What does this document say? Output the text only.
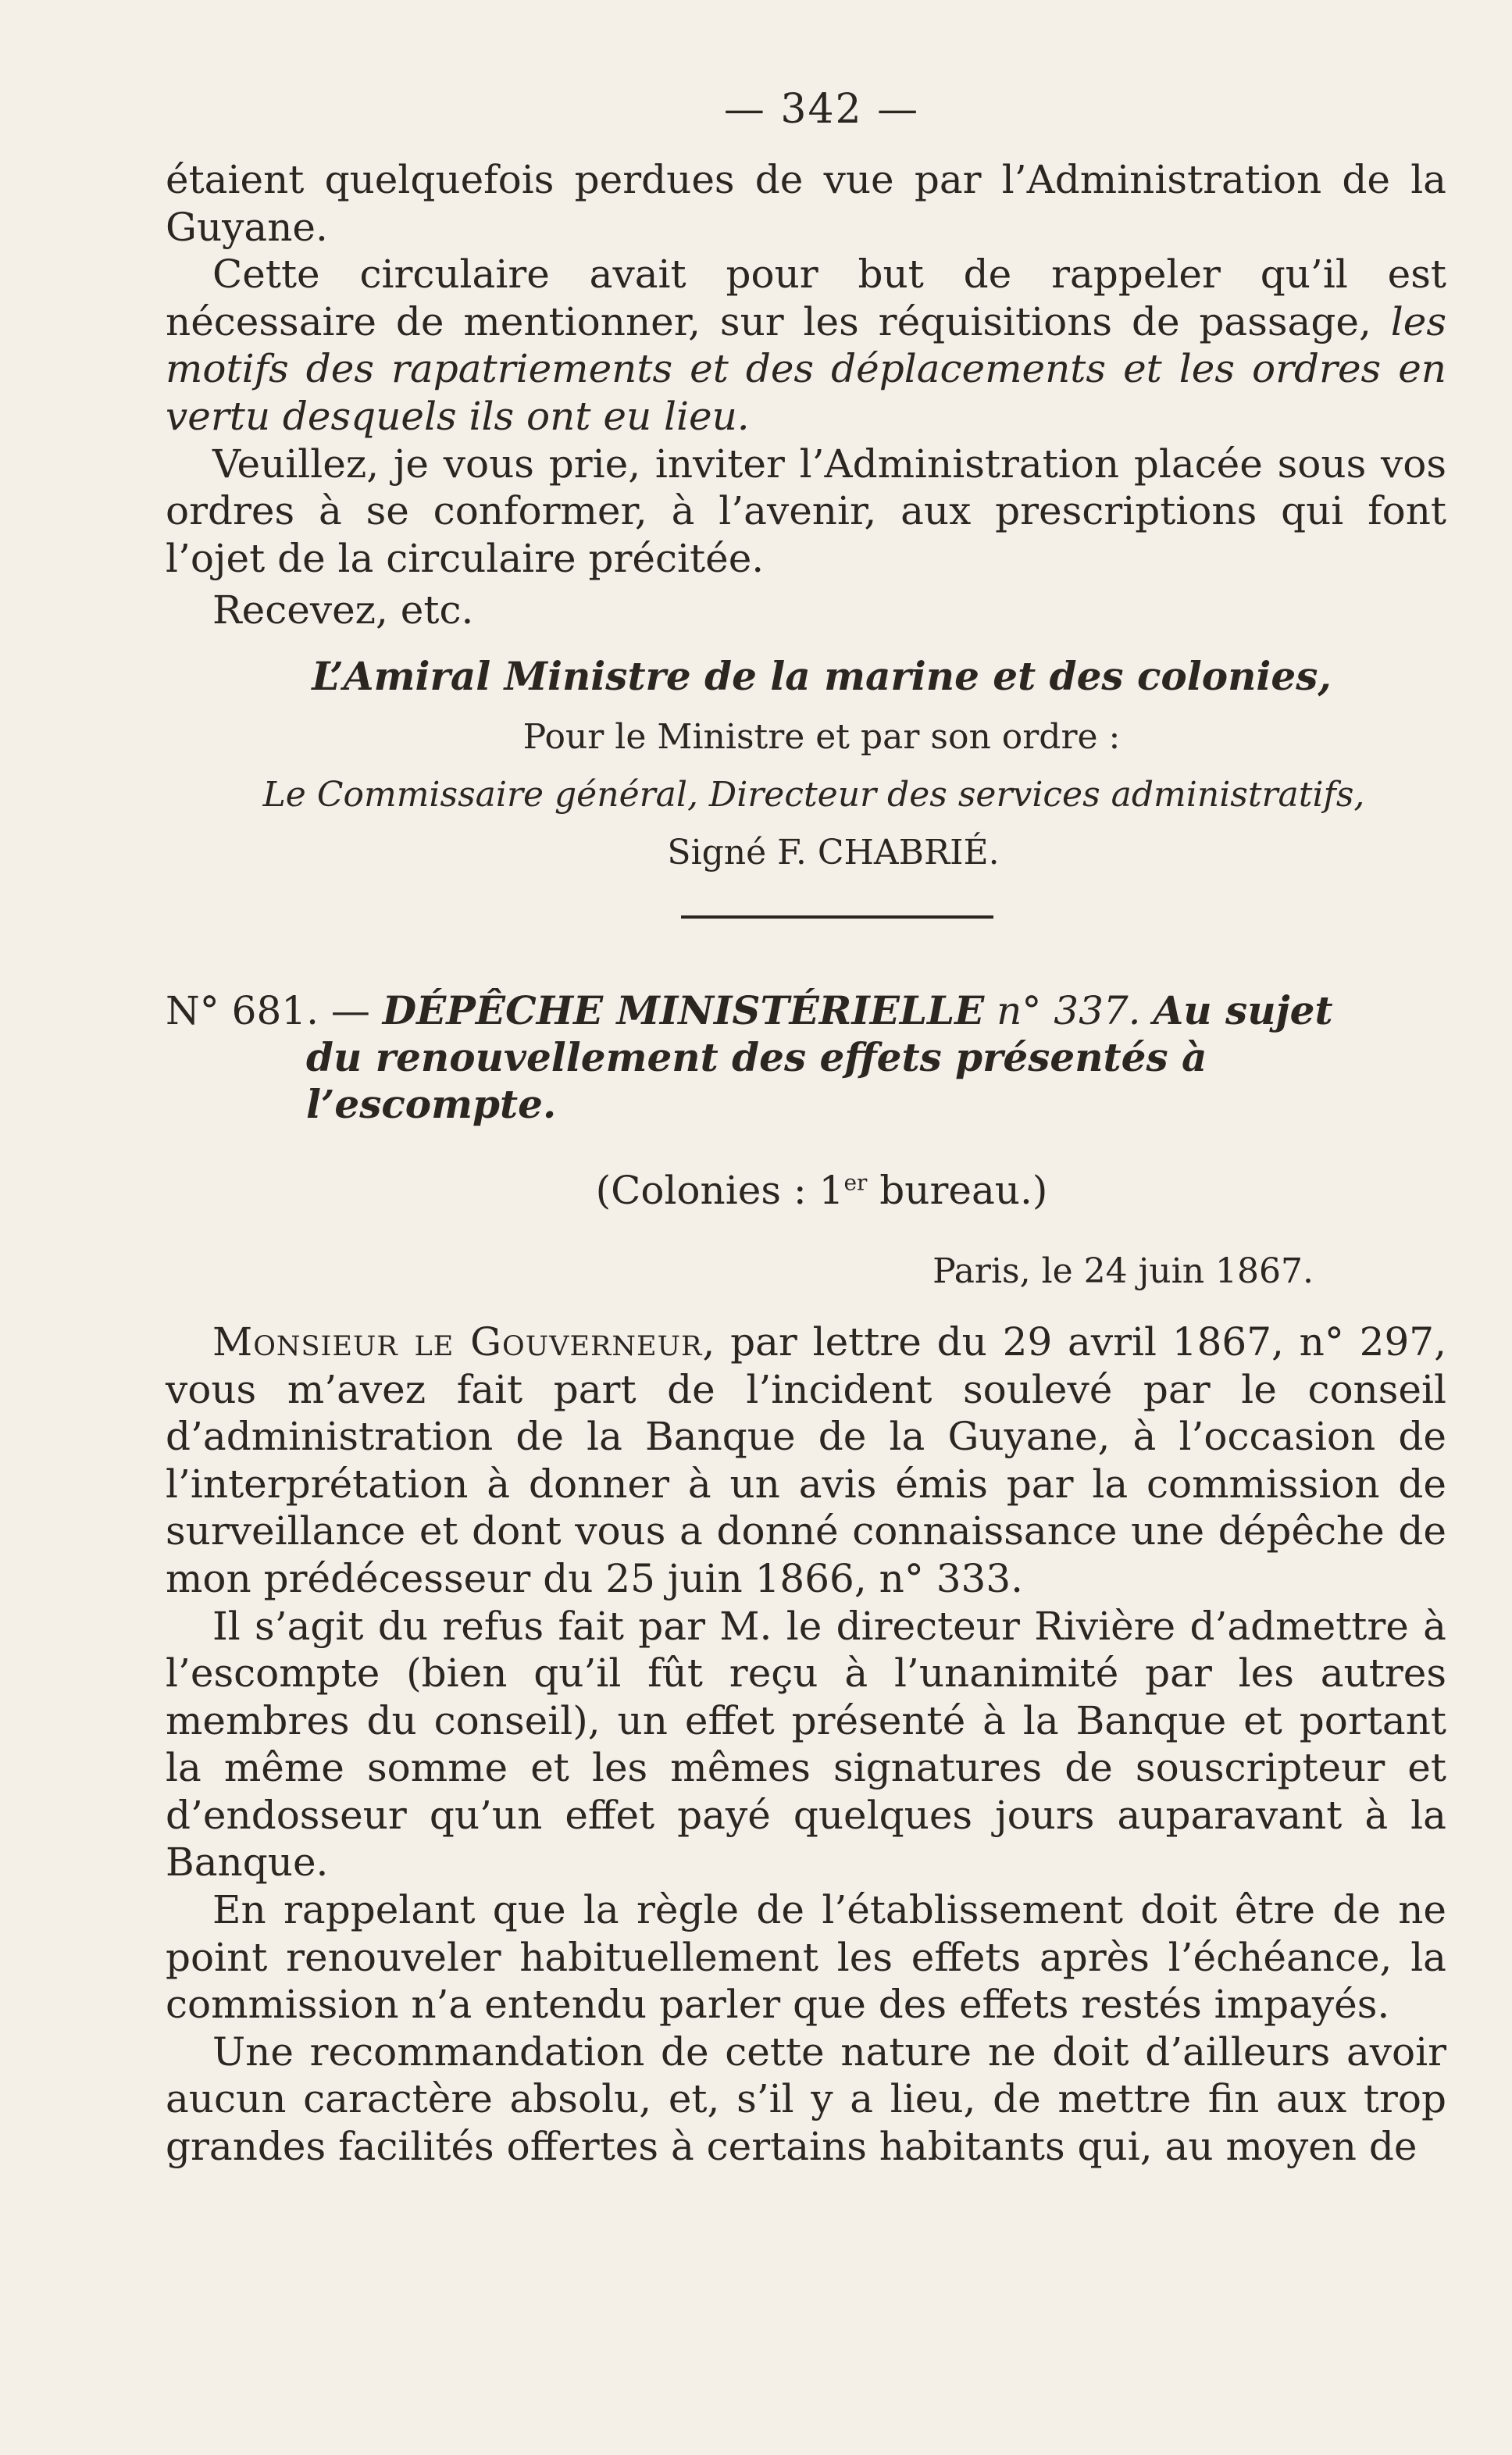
— 342 —

étaient quelquefois perdues de vue par l’Administration de la Guyane.

Cette circulaire avait pour but de rappeler qu’il est nécessaire de mentionner, sur les réquisitions de passage, les motifs des rapatriements et des déplacements et les ordres en vertu desquels ils ont eu lieu.

Veuillez, je vous prie, inviter l’Administration placée sous vos ordres à se conformer, à l’avenir, aux prescriptions qui font l’ojet de la circulaire précitée.

Recevez, etc.

L’Amiral Ministre de la marine et des colonies,
Pour le Ministre et par son ordre :
Le Commissaire général, Directeur des services administratifs,
Signé F. CHABRIÉ.
N° 681. — DÉPÊCHE MINISTÉRIELLE n° 337. Au sujet
du renouvellement des effets présentés à l’escompte.
(Colonies : 1er bureau.)
Paris, le 24 juin 1867.

Monsieur le Gouverneur, par lettre du 29 avril 1867, n° 297, vous m’avez fait part de l’incident soulevé par le conseil d’administration de la Banque de la Guyane, à l’occasion de l’interprétation à donner à un avis émis par la commission de surveillance et dont vous a donné connaissance une dépêche de mon prédécesseur du 25 juin 1866, n° 333.

Il s’agit du refus fait par M. le directeur Rivière d’admettre à l’escompte (bien qu’il fût reçu à l’unanimité par les autres membres du conseil), un effet présenté à la Banque et portant la même somme et les mêmes signatures de souscripteur et d’endosseur qu’un effet payé quelques jours auparavant à la Banque.

En rappelant que la règle de l’établissement doit être de ne point renouveler habituellement les effets après l’échéance, la commission n’a entendu parler que des effets restés impayés.

Une recommandation de cette nature ne doit d’ailleurs avoir aucun caractère absolu, et, s’il y a lieu, de mettre fin aux trop grandes facilités offertes à certains habitants qui, au moyen de
